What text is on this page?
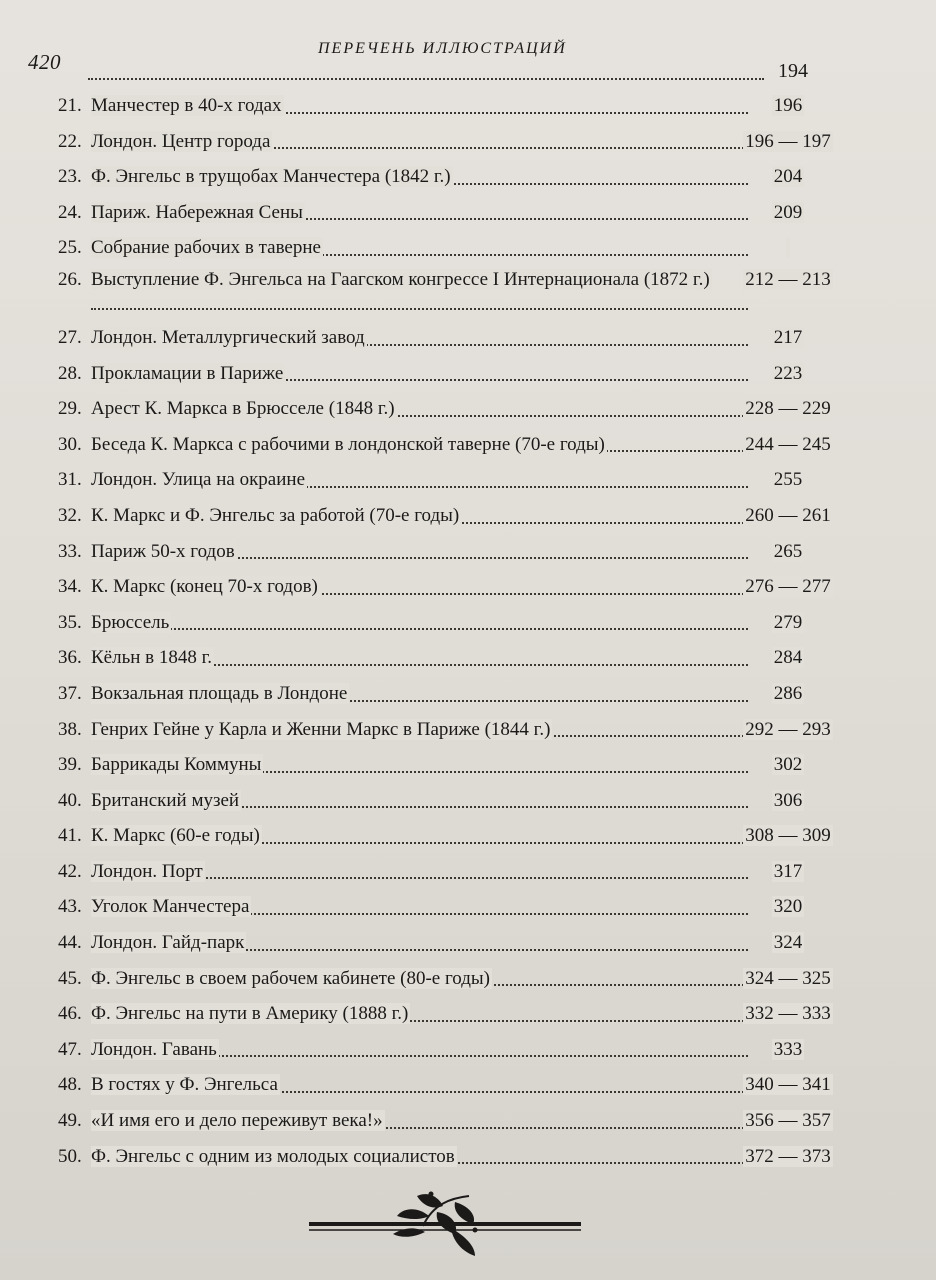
420
ПЕРЕЧЕНЬ ИЛЛЮСТРАЦИЙ
194
21. Манчестер в 40-х годах	196
22. Лондон. Центр города	196 — 197
23. Ф. Энгельс в трущобах Манчестера (1842 г.)	204
24. Париж. Набережная Сены	209
25. Собрание рабочих в таверне
26. Выступление Ф. Энгельса на Гаагском конгрессе I Интернационала (1872 г.)	212 — 213
27. Лондон. Металлургический завод	217
28. Прокламации в Париже	223
29. Арест К. Маркса в Брюсселе (1848 г.)	228 — 229
30. Беседа К. Маркса с рабочими в лондонской таверне (70-е годы)	244 — 245
31. Лондон. Улица на окраине	255
32. К. Маркс и Ф. Энгельс за работой (70-е годы)	260 — 261
33. Париж 50-х годов	265
34. К. Маркс (конец 70-х годов)	276 — 277
35. Брюссель	279
36. Кёльн в 1848 г.	284
37. Вокзальная площадь в Лондоне	286
38. Генрих Гейне у Карла и Женни Маркс в Париже (1844 г.)	292 — 293
39. Баррикады Коммуны	302
40. Британский музей	306
41. К. Маркс (60-е годы)	308 — 309
42. Лондон. Порт	317
43. Уголок Манчестера	320
44. Лондон. Гайд-парк	324
45. Ф. Энгельс в своем рабочем кабинете (80-е годы)	324 — 325
46. Ф. Энгельс на пути в Америку (1888 г.)	332 — 333
47. Лондон. Гавань	333
48. В гостях у Ф. Энгельса	340 — 341
49. «И имя его и дело переживут века!»	356 — 357
50. Ф. Энгельс с одним из молодых социалистов	372 — 373
